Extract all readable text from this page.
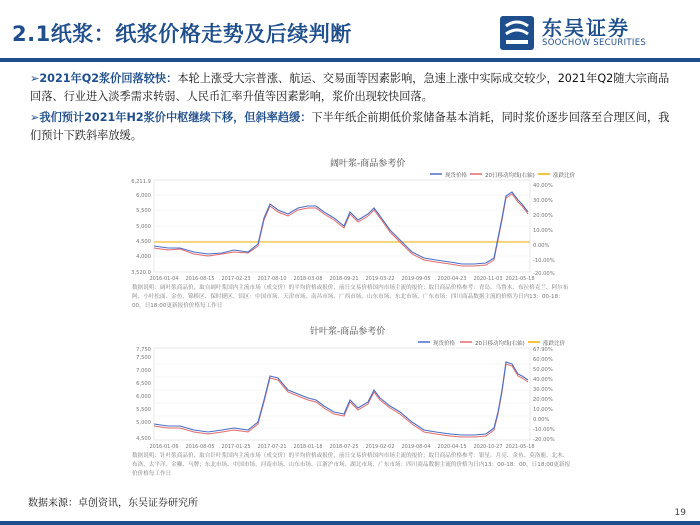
2.1纸浆：纸浆价格走势及后续判断	东吴证券
SOOCHOW SECURITIES
➢2021年Q2浆价回落较快：本轮上涨受大宗普涨、航运、交易面等因素影响，急速上涨中实际成交较少，2021年Q2随大宗商品回落、行业进入淡季需求转弱、人民币汇率升值等因素影响，浆价出现较快回落。
➢我们预计2021年H2浆价中枢继续下移，但斜率趋缓：下半年纸企前期低价浆储备基本消耗，同时浆价逐步回落至合理区间，我们预计下跌斜率放缓。
阔叶浆-商品参考价
现货价格	20日移动均线(右轴)	涨跌比价
6,211.9
6,000
5,500
5,000
4,500
4,000
3,520.0
40.00%
30.00%
20.00%
10.00%
0.00%
-10.00%
-20.00%
2016-01-04 2016-08-15 2017-02-23 2017-08-10 2018-03-08 2018-09-21 2019-03-22 2019-09-05 2020-04-23 2020-11-03 2021-05-18
数据说明：阔叶浆商品价，取自阔叶浆国内主流市场（成交价）的平均价格或报价，前日交易价格国内市场主流的报价；取日商品价格参考：青岛、乌鲁木、布拉格克兰、阿尔布阿、小叶松面、金鱼、锦桥区、保时捷区、铝区：中国市场、天津市场、南昌市场、广西市场、山东市场、东北市场、广东市场：四川商品数据主流的价格为日内13：00-18：00，日18:00更新报价价格每工作日
针叶浆-商品参考价
现货价格	20日移动均线(右轴)	涨跌比价
7,750
7,500
7,000
6,500
6,000
5,500
5,000
4,500
67.90%
60.00%
50.00%
40.00%
30.00%
20.00%
10.00%
0.00%
-10.00%
-20.00%
2016-01-06 2016-08-05 2017-01-25 2017-07-21 2018-01-18 2018-07-25 2019-02-02 2019-08-04 2020-04-15 2020-10-27 2021-05-18
数据说明：针叶浆商品价，取自针叶浆国内主流市场（成交价）的平均价格或报价，前日交易价格国内市场主流的报价；取日商品价格参考：银星、月亮、金鱼、莫洛鹿、北木、布洛、太平洋、金狮、马牌；东北市场、中国市场、河南市场、山东市场、江浙沪市场、湖北市场、广东市场：四川商品数据主流的价格为日内13：00-18：00，日18:00更新报价价格每工作日
数据来源：卓创资讯，东吴证券研究所
19
